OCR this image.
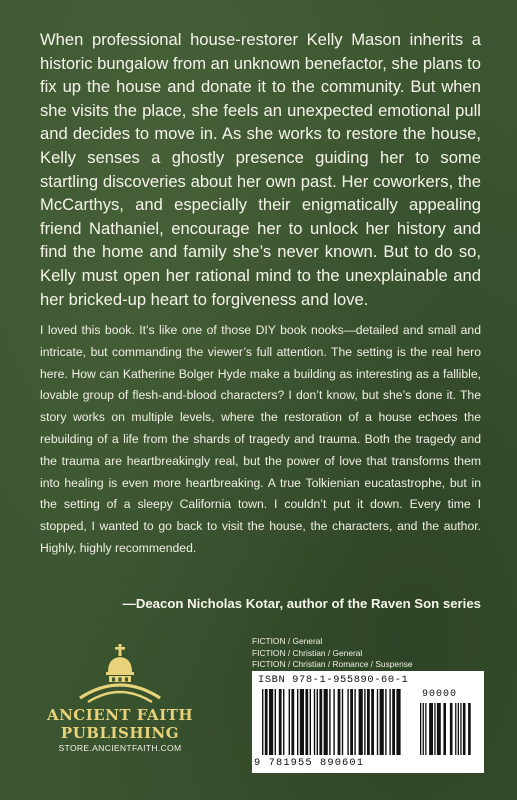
When professional house-restorer Kelly Mason inherits a historic bungalow from an unknown benefactor, she plans to fix up the house and donate it to the community. But when she visits the place, she feels an unexpected emotional pull and decides to move in. As she works to restore the house, Kelly senses a ghostly presence guiding her to some startling discoveries about her own past. Her coworkers, the McCarthys, and especially their enigmatically appealing friend Nathaniel, encourage her to unlock her history and find the home and family she’s never known. But to do so, Kelly must open her rational mind to the unexplainable and her bricked-up heart to forgiveness and love.
I loved this book. It’s like one of those DIY book nooks—detailed and small and intricate, but commanding the viewer’s full attention. The setting is the real hero here. How can Katherine Bolger Hyde make a building as interesting as a fallible, lovable group of flesh-and-blood characters? I don’t know, but she’s done it. The story works on multiple levels, where the restoration of a house echoes the rebuilding of a life from the shards of tragedy and trauma. Both the tragedy and the trauma are heartbreakingly real, but the power of love that transforms them into healing is even more heartbreaking. A true Tolkienian eucatastrophe, but in the setting of a sleepy California town. I couldn’t put it down. Every time I stopped, I wanted to go back to visit the house, the characters, and the author. Highly, highly recommended.
—Deacon Nicholas Kotar, author of the Raven Son series
FICTION / General
FICTION / Christian / General
FICTION / Christian / Romance / Suspense
ANCIENT FAITH
PUBLISHING
STORE.ANCIENTFAITH.COM
ISBN 978-1-955890-60-1
90000
9 781955 890601
